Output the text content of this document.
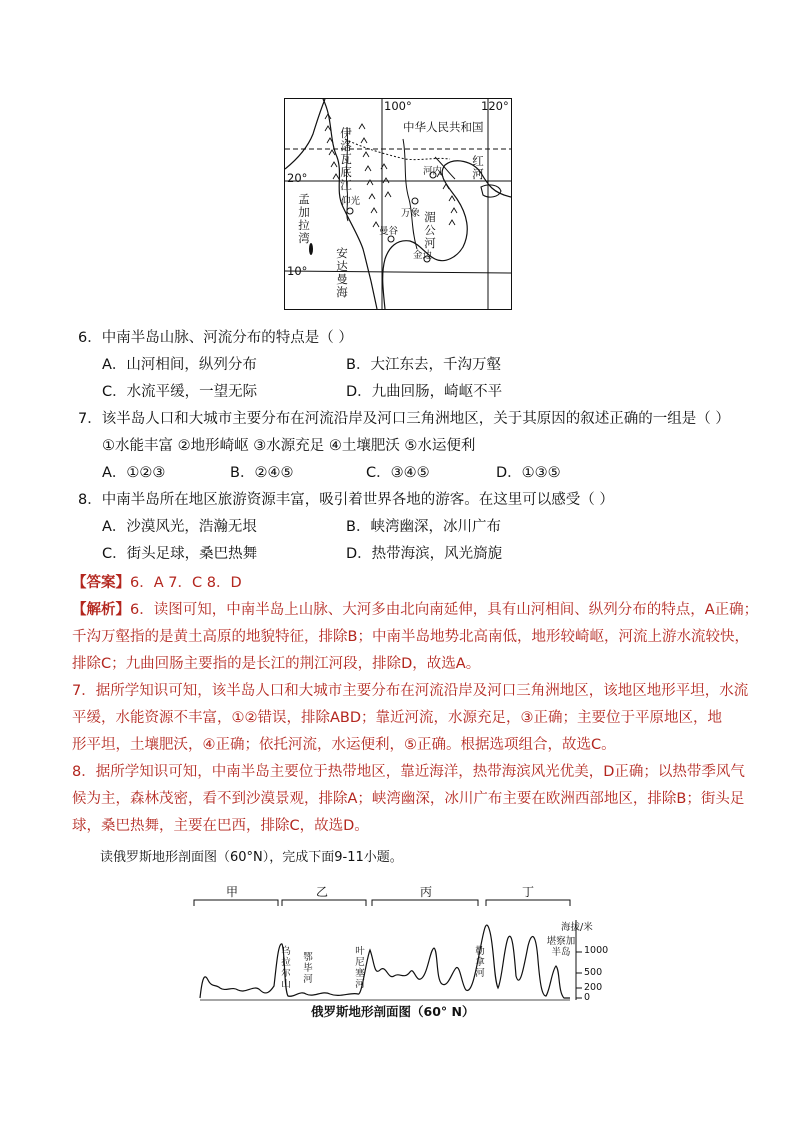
100°	120°
20°
10°
中华人民共和国
伊
洛
瓦
底
江
红
河
湄
公
河
孟
加
拉
湾
安
达
曼
海
仰光
河内
万象
曼谷
金边
6．中南半岛山脉、河流分布的特点是（ ）
A．山河相间，纵列分布	B．大江东去，千沟万壑
C．水流平缓，一望无际	D．九曲回肠，崎岖不平
7．该半岛人口和大城市主要分布在河流沿岸及河口三角洲地区，关于其原因的叙述正确的一组是（ ）
①水能丰富 ②地形崎岖 ③水源充足 ④土壤肥沃 ⑤水运便利
A．①②③	B．②④⑤	C．③④⑤	D．①③⑤
8．中南半岛所在地区旅游资源丰富，吸引着世界各地的游客。在这里可以感受（ ）
A．沙漠风光，浩瀚无垠	B．峡湾幽深，冰川广布
C．街头足球，桑巴热舞	D．热带海滨，风光旖旎
【答案】6．A 7．C 8．D
【解析】6．读图可知，中南半岛上山脉、大河多由北向南延伸，具有山河相间、纵列分布的特点，A正确；
千沟万壑指的是黄土高原的地貌特征，排除B；中南半岛地势北高南低，地形较崎岖，河流上游水流较快，
排除C；九曲回肠主要指的是长江的荆江河段，排除D，故选A。
7．据所学知识可知，该半岛人口和大城市主要分布在河流沿岸及河口三角洲地区，该地区地形平坦，水流
平缓，水能资源不丰富，①②错误，排除ABD；靠近河流，水源充足，③正确；主要位于平原地区，地
形平坦，土壤肥沃，④正确；依托河流，水运便利，⑤正确。根据选项组合，故选C。
8．据所学知识可知，中南半岛主要位于热带地区，靠近海洋，热带海滨风光优美，D正确；以热带季风气
候为主，森林茂密，看不到沙漠景观，排除A；峡湾幽深，冰川广布主要在欧洲西部地区，排除B；街头足
球，桑巴热舞，主要在巴西，排除C，故选D。
读俄罗斯地形剖面图（60°N），完成下面9-11小题。
甲	乙	丙	丁
乌拉尔山
鄂毕河
叶尼塞河
勒拿河
堪察加半岛
海拔/米
1000
500
200
0
俄罗斯地形剖面图（60° N）
